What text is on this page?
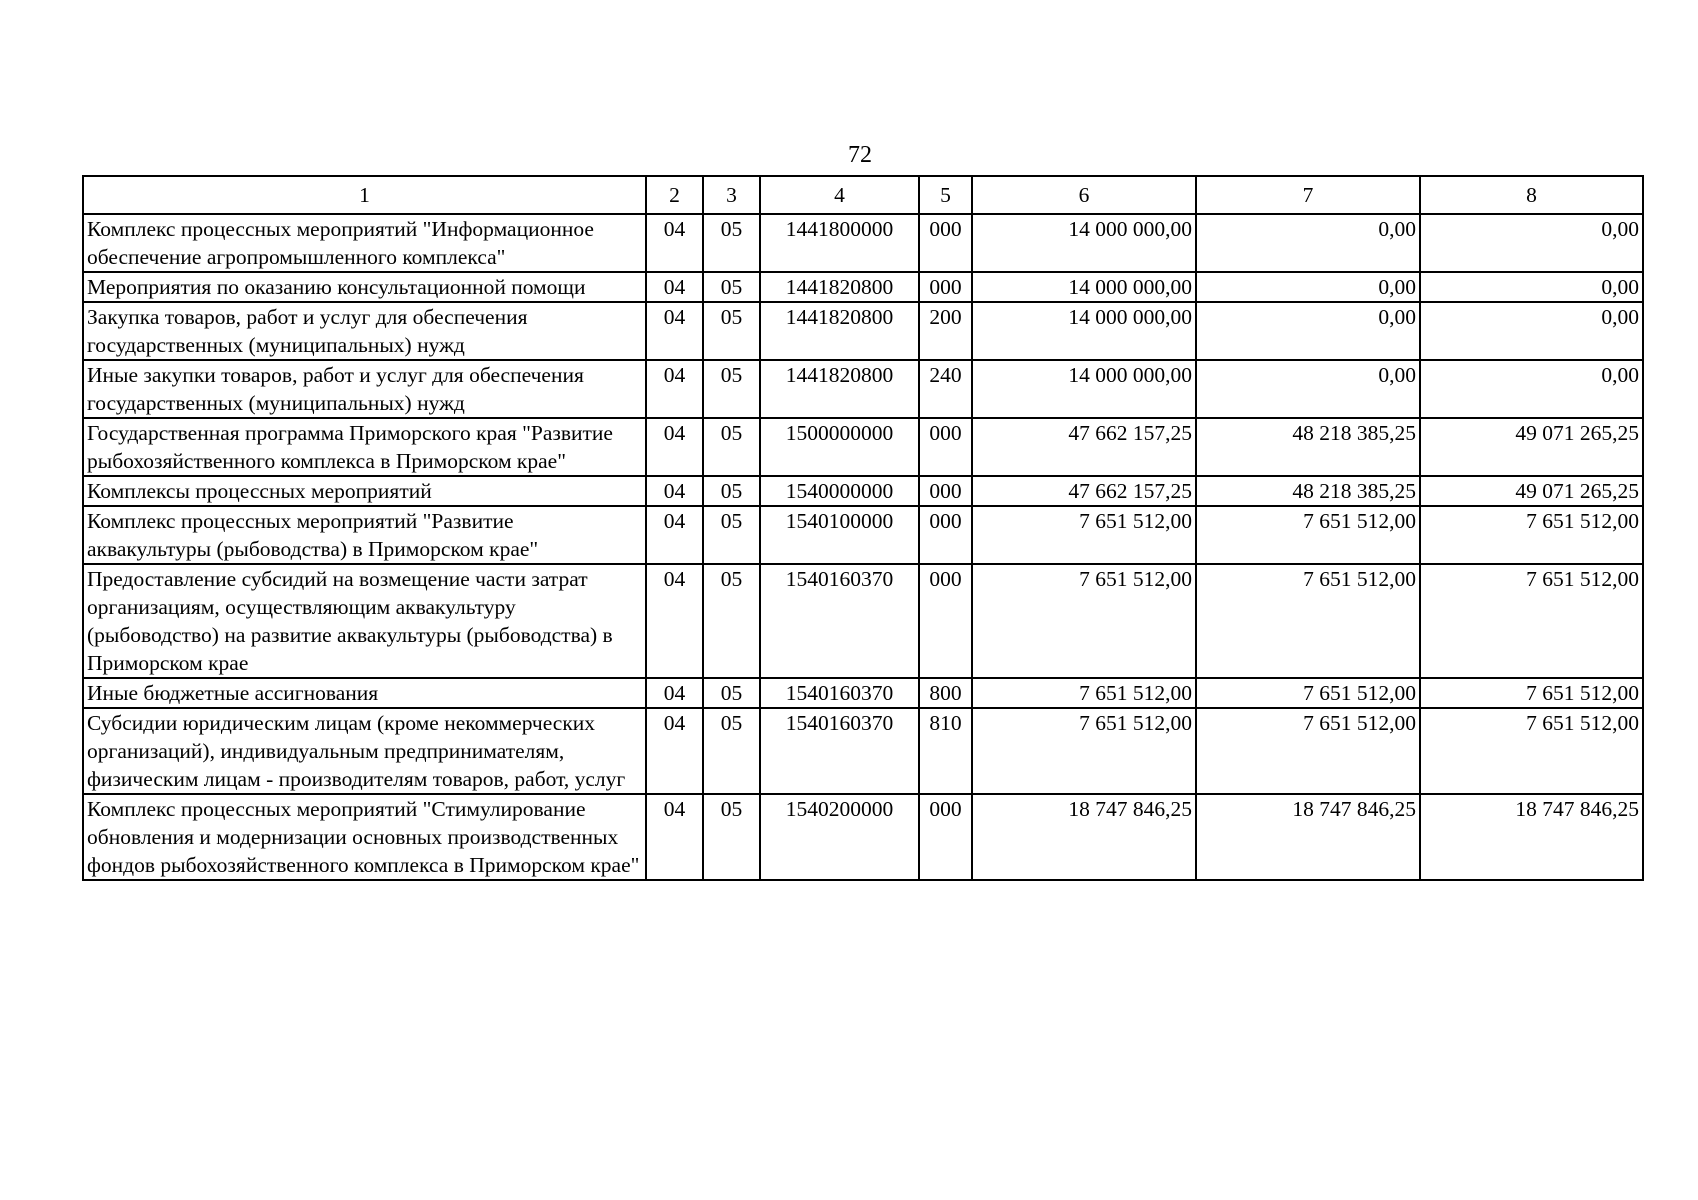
72
1	2	3	4	5	6	7	8
Комплекс процессных мероприятий "Информационное обеспечение агропромышленного комплекса"	04	05	1441800000	000	14 000 000,00	0,00	0,00
Мероприятия по оказанию консультационной помощи	04	05	1441820800	000	14 000 000,00	0,00	0,00
Закупка товаров, работ и услуг для обеспечения государственных (муниципальных) нужд	04	05	1441820800	200	14 000 000,00	0,00	0,00
Иные закупки товаров, работ и услуг для обеспечения государственных (муниципальных) нужд	04	05	1441820800	240	14 000 000,00	0,00	0,00
Государственная программа Приморского края "Развитие рыбохозяйственного комплекса в Приморском крае"	04	05	1500000000	000	47 662 157,25	48 218 385,25	49 071 265,25
Комплексы процессных мероприятий	04	05	1540000000	000	47 662 157,25	48 218 385,25	49 071 265,25
Комплекс процессных мероприятий "Развитие аквакультуры (рыбоводства) в Приморском крае"	04	05	1540100000	000	7 651 512,00	7 651 512,00	7 651 512,00
Предоставление субсидий на возмещение части затрат организациям, осуществляющим аквакультуру (рыбоводство) на развитие аквакультуры (рыбоводства) в Приморском крае	04	05	1540160370	000	7 651 512,00	7 651 512,00	7 651 512,00
Иные бюджетные ассигнования	04	05	1540160370	800	7 651 512,00	7 651 512,00	7 651 512,00
Субсидии юридическим лицам (кроме некоммерческих организаций), индивидуальным предпринимателям, физическим лицам - производителям товаров, работ, услуг	04	05	1540160370	810	7 651 512,00	7 651 512,00	7 651 512,00
Комплекс процессных мероприятий "Стимулирование обновления и модернизации основных производственных фондов рыбохозяйственного комплекса в Приморском крае"	04	05	1540200000	000	18 747 846,25	18 747 846,25	18 747 846,25
